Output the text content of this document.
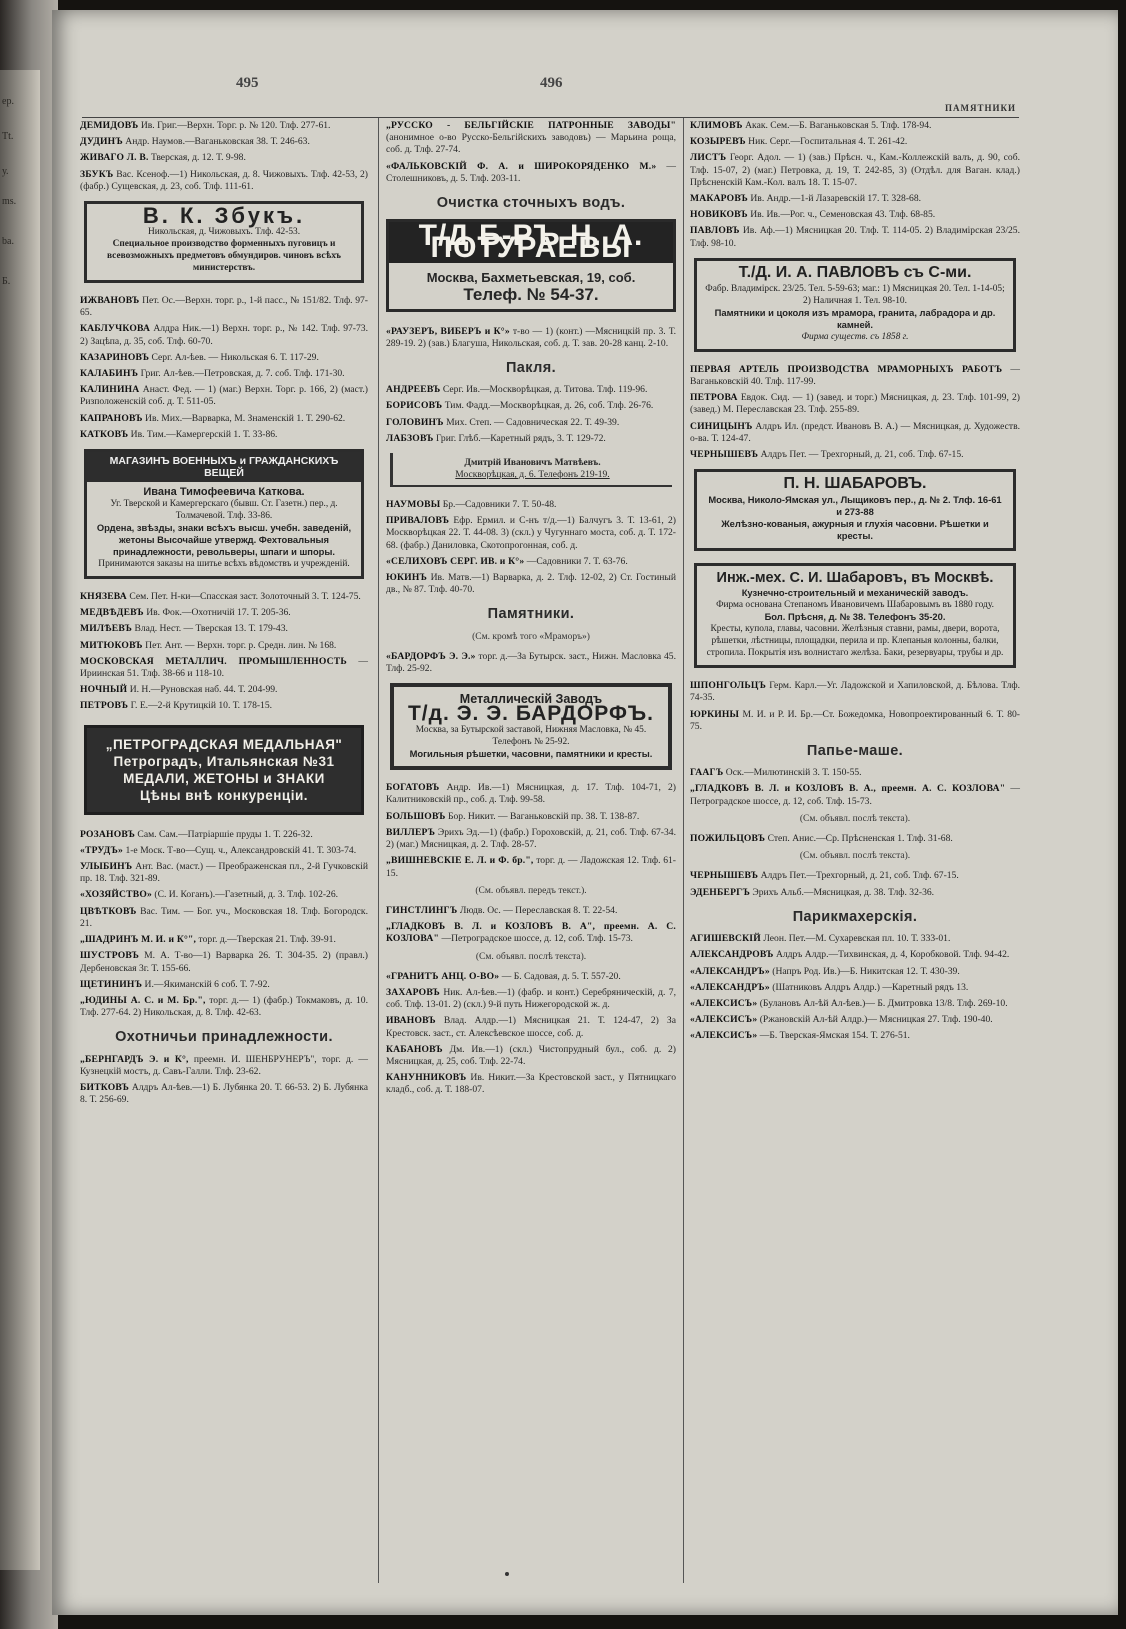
ep.
Tt.
у.
ms.
ba.
Б.
495	496
ПАМЯТНИКИ

ДЕМИДОВЪ Ив. Григ.—Верхн. Торг. р. № 120. Тлф. 277-61.

ДУДИНЪ Андр. Наумов.—Ваганьковская 38. Т. 246-63.

ЖИВАГО Л. В. Тверская, д. 12. Т. 9-98.

ЗБУКЪ Вас. Ксеноф.—1) Никольская, д. 8. Чижовыхъ. Тлф. 42-53, 2) (фабр.) Сущевская, д. 23, соб. Тлф. 111-61.

В. К. Збукъ.
Никольская, д. Чижовыхъ. Тлф. 42-53.
Специальное производство форменныхъ пуговицъ и всевозможныхъ предметовъ обмундиров. чиновъ всѣхъ министерствъ.

ИЖВАНОВЪ Пет. Ос.—Верхн. торг. р., 1-й пасс., № 151/82. Тлф. 97-65.

КАБЛУЧКОВА Алдра Ник.—1) Верхн. торг. р., № 142. Тлф. 97-73. 2) Зацѣпа, д. 35, соб. Тлф. 60-70.

КАЗАРИНОВЪ Серг. Ал-ѣев. — Никольская 6. Т. 117-29.

КАЛАБИНЪ Григ. Ал-ѣев.—Петровская, д. 7. соб. Тлф. 171-30.

КАЛИНИНА Анаст. Фед. — 1) (маг.) Верхн. Торг. р. 166, 2) (маст.) Ризположенскій соб. д. Т. 511-05.

КАПРАНОВЪ Ив. Мих.—Варварка, М. Знаменскій 1. Т. 290-62.

КАТКОВЪ Ив. Тим.—Камергерскій 1. Т. 33-86.

МАГАЗИНЪ ВОЕННЫХЪ и ГРАЖДАНСКИХЪ ВЕЩЕЙ
Ивана Тимофеевича Каткова.
Уг. Тверской и Камергерскаго (бывш. Ст. Газетн.) пер., д. Толмачевой. Тлф. 33-86.
Ордена, звѣзды, знаки всѣхъ высш. учебн. заведеній, жетоны Высочайше утвержд. Фехтовальныя принадлежности, револьверы, шпаги и шпоры.
Принимаются заказы на шитье всѣхъ вѣдомствъ и учрежденій.

КНЯЗЕВА Сем. Пет. Н-ки—Спасская заст. Золоточный 3. Т. 124-75.

МЕДВѢДЕВЪ Ив. Фок.—Охотничій 17. Т. 205-36.

МИЛѢЕВЪ Влад. Нест. — Тверская 13. Т. 179-43.

МИТЮКОВЪ Пет. Ант. — Верхн. торг. р. Средн. лин. № 168.

МОСКОВСКАЯ МЕТАЛЛИЧ. ПРОМЫШЛЕННОСТЬ — Ириинская 51. Тлф. 38-66 и 118-10.

НОЧНЫЙ И. Н.—Руновская наб. 44. Т. 204-99.

ПЕТРОВЪ Г. Е.—2-й Крутицкій 10. Т. 178-15.

„ПЕТРОГРАДСКАЯ МЕДАЛЬНАЯ"
Петроградъ, Итальянская №31
МЕДАЛИ, ЖЕТОНЫ и ЗНАКИ
Цѣны внѣ конкуренціи.

РОЗАНОВЪ Сам. Сам.—Патріаршіе пруды 1. Т. 226-32.

«ТРУДЪ» 1-е Моск. Т-во—Сущ. ч., Александровскій 41. Т. 303-74.

УЛЫБИНЪ Ант. Вас. (маст.) — Преображенская пл., 2-й Гучковскій пр. 18. Тлф. 321-89.

«ХОЗЯЙСТВО» (С. И. Коганъ).—Газетный, д. 3. Тлф. 102-26.

ЦВѢТКОВЪ Вас. Тим. — Бог. уч., Московская 18. Тлф. Богородск. 21.

„ШАДРИНЪ М. И. и К°", торг. д.—Тверская 21. Тлф. 39-91.

ШУСТРОВЪ М. А. Т-во—1) Варварка 26. Т. 304-35. 2) (правл.) Дербеновская 3г. Т. 155-66.

ЩЕТИНИНЪ И.—Якиманскій 6 соб. Т. 7-92.

„ЮДИНЫ А. С. и М. Бр.", торг. д.— 1) (фабр.) Токмаковъ, д. 10. Тлф. 277-64. 2) Никольская, д. 8. Тлф. 42-63.

Охотничьи принадлежности.

„БЕРНГАРДЪ Э. и К°, преемн. И. ШЕНБРУНЕРЪ", торг. д. — Кузнецкій мостъ, д. Савъ-Галли. Тлф. 23-62.

БИТКОВЪ Алдръ Ал-ѣев.—1) Б. Лубянка 20. Т. 66-53. 2) Б. Лубянка 8. Т. 256-69.

„РУССКО - БЕЛЬГІЙСКІЕ ПАТРОННЫЕ ЗАВОДЫ" (анонимное о-во Русско-Бельгійскихъ заводовъ) — Марьина роща, соб. д. Тлф. 27-74.

«ФАЛЬКОВСКІЙ Ф. А. и ШИРОКОРЯДЕНКО М.» —Столешниковъ, д. 5. Тлф. 203-11.

Очистка сточныхъ водъ.
Т/Д Б-РЪ Н. А. ПОТУРАЕВЫ
Москва, Бахметьевская, 19, соб.
Телеф. № 54-37.

«РАУЗЕРЪ, ВИБЕРЪ и К°» т-во — 1) (конт.) —Мясницкій пр. 3. Т. 289-19. 2) (зав.) Благуша, Никольская, соб. д. Т. зав. 20-28 канц. 2-10.

Пакля.

АНДРЕЕВЪ Серг. Ив.—Москворѣцкая, д. Титова. Тлф. 119-96.

БОРИСОВЪ Тим. Фадд.—Москворѣцкая, д. 26, соб. Тлф. 26-76.

ГОЛОВИНЪ Мих. Степ. — Садовническая 22. Т. 49-39.

ЛАБЗОВЪ Григ. Глѣб.—Каретный рядъ, 3. Т. 129-72.

Дмитрій Ивановичъ Матвѣевъ.
Москворѣцкая, д. 6. Телефонъ 219-19.

НАУМОВЫ Бр.—Садовники 7. Т. 50-48.

ПРИВАЛОВЪ Ефр. Ермил. и С-нъ т/д.—1) Балчугъ 3. Т. 13-61, 2) Москворѣцкая 22. Т. 44-08. 3) (скл.) у Чугуннаго моста, соб. д. Т. 172-68. (фабр.) Даниловка, Скотопрогонная, соб. д.

«СЕЛИХОВЪ СЕРГ. ИВ. и К°» —Садовники 7. Т. 63-76.

ЮКИНЪ Ив. Матв.—1) Варварка, д. 2. Тлф. 12-02, 2) Ст. Гостиный дв., № 87. Тлф. 40-70.

Памятники.
(См. кромѣ того «Мраморъ»)

«БАРДОРФЪ Э. Э.» торг. д.—За Бутырск. заст., Нижн. Масловка 45. Тлф. 25-92.

Металлическій Заводъ
Т/д. Э. Э. БАРДОРФЪ.
Москва, за Бутырской заставой, Нижняя Масловка, № 45. Телефонъ № 25-92.
Могильныя рѣшетки, часовни, памятники и кресты.

БОГАТОВЪ Андр. Ив.—1) Мясницкая, д. 17. Тлф. 104-71, 2) Калитниковскій пр., соб. д. Тлф. 99-58.

БОЛЬШОВЪ Бор. Никит. — Ваганьковскій пр. 38. Т. 138-87.

ВИЛЛЕРЪ Эрихъ Эд.—1) (фабр.) Гороховскій, д. 21, соб. Тлф. 67-34. 2) (маг.) Мясницкая, д. 2. Тлф. 28-57.

„ВИШНЕВСКІЕ Е. Л. и Ф. бр.", торг. д. — Ладожская 12. Тлф. 61-15.

(См. объявл. передъ текст.).

ГИНСТЛИНГЪ Людв. Ос. — Переславская 8. Т. 22-54.

„ГЛАДКОВЪ В. Л. и КОЗЛОВЪ В. А", преемн. А. С. КОЗЛОВА" —Петроградское шоссе, д. 12, соб. Тлф. 15-73.

(См. объявл. послѣ текста).

«ГРАНИТЪ АНЦ. О-ВО» — Б. Садовая, д. 5. Т. 557-20.

ЗАХАРОВЪ Ник. Ал-ѣев.—1) (фабр. и конт.) Серебряническій, д. 7, соб. Тлф. 13-01. 2) (скл.) 9-й путь Нижегородской ж. д.

ИВАНОВЪ Влад. Алдр.—1) Мясницкая 21. Т. 124-47, 2) За Крестовск. заст., ст. Алексѣевское шоссе, соб. д.

КАБАНОВЪ Дм. Ив.—1) (скл.) Чистопрудный бул., соб. д. 2) Мясницкая, д. 25, соб. Тлф. 22-74.

КАНУННИКОВЪ Ив. Никит.—За Крестовской заст., у Пятницкаго кладб., соб. д. Т. 188-07.

КЛИМОВЪ Акак. Сем.—Б. Ваганьковская 5. Тлф. 178-94.

КОЗЫРЕВЪ Ник. Серг.—Госпитальная 4. Т. 261-42.

ЛИСТЪ Георг. Адол. — 1) (зав.) Прѣсн. ч., Кам.-Коллежскій валъ, д. 90, соб. Тлф. 15-07, 2) (маг.) Петровка, д. 19, Т. 242-85, 3) (Отдѣл. для Ваган. клад.) Прѣсненскій Кам.-Кол. валъ 18. Т. 15-07.

МАКАРОВЪ Ив. Андр.—1-й Лазаревскій 17. Т. 328-68.

НОВИКОВЪ Ив. Ив.—Рог. ч., Семеновская 43. Тлф. 68-85.

ПАВЛОВЪ Ив. Аф.—1) Мясницкая 20. Тлф. Т. 114-05. 2) Владимірская 23/25. Тлф. 98-10.

Т./Д. И. А. ПАВЛОВЪ съ С-ми.
Фабр. Владимірск. 23/25. Тел. 5-59-63; маг.: 1) Мясницкая 20. Тел. 1-14-05; 2) Наличная 1. Тел. 98-10.
Памятники и цоколя изъ мрамора, гранита, лабрадора и др. камней.
Фирма существ. съ 1858 г.

ПЕРВАЯ АРТЕЛЬ ПРОИЗВОДСТВА МРАМОРНЫХЪ РАБОТЪ — Ваганьковскій 40. Тлф. 117-99.

ПЕТРОВА Евдок. Сид. — 1) (завед. и торг.) Мясницкая, д. 23. Тлф. 101-99, 2) (завед.) М. Переславская 23. Тлф. 255-89.

СИНИЦЫНЪ Алдръ Ил. (предст. Ивановъ В. А.) — Мясницкая, д. Художеств. о-ва. Т. 124-47.

ЧЕРНЫШЕВЪ Алдръ Пет. — Трехгорный, д. 21, соб. Тлф. 67-15.

П. Н. ШАБАРОВЪ.
Москва, Николо-Ямская ул., Лыщиковъ пер., д. № 2. Тлф. 16-61 и 273-88
Желѣзно-кованыя, ажурныя и глухія часовни. Рѣшетки и кресты.
Инж.-мех. С. И. Шабаровъ, въ Москвѣ.
Кузнечно-строительный и механическій заводъ.
Фирма основана Степаномъ Ивановичемъ Шабаровымъ въ 1880 году.
Бол. Прѣсня, д. № 38. Телефонъ 35-20.
Кресты, купола, главы, часовни. Желѣзныя ставни, рамы, двери, ворота, рѣшетки, лѣстницы, площадки, перила и пр. Клепаныя колонны, балки, стропила. Покрытія изъ волнистаго желѣза. Баки, резервуары, трубы и др.

ШПОНГОЛЬЦЪ Герм. Карл.—Уг. Ладожской и Хапиловской, д. Бѣлова. Тлф. 74-35.

ЮРКИНЫ М. И. и Р. И. Бр.—Ст. Божедомка, Новопроектированный 6. Т. 80-75.

Папье-маше.

ГААГЪ Оск.—Милютинскій 3. Т. 150-55.

„ГЛАДКОВЪ В. Л. и КОЗЛОВЪ В. А., преемн. А. С. КОЗЛОВА" —Петроградское шоссе, д. 12, соб. Тлф. 15-73.

(См. объявл. послѣ текста).

ПОЖИЛЬЦОВЪ Степ. Анис.—Ср. Прѣсненская 1. Тлф. 31-68.

(См. объявл. послѣ текста).

ЧЕРНЫШЕВЪ Алдръ Пет.—Трехгорный, д. 21, соб. Тлф. 67-15.

ЭДЕНБЕРГЪ Эрихъ Альб.—Мясницкая, д. 38. Тлф. 32-36.

Парикмахерскія.

АГИШЕВСКІЙ Леон. Пет.—М. Сухаревская пл. 10. Т. 333-01.

АЛЕКСАНДРОВЪ Алдръ Алдр.—Тихвинская, д. 4, Коробковой. Тлф. 94-42.

«АЛЕКСАНДРЪ» (Напръ Род. Ив.)—Б. Никитская 12. Т. 430-39.

«АЛЕКСАНДРЪ» (Шатниковъ Алдръ Алдр.) —Каретный рядъ 13.

«АЛЕКСИСЪ» (Булановъ Ал-ѣй Ал-ѣев.)— Б. Дмитровка 13/8. Тлф. 269-10.

«АЛЕКСИСЪ» (Ржановскій Ал-ѣй Алдр.)— Мясницкая 27. Тлф. 190-40.

«АЛЕКСИСЪ» —Б. Тверская-Ямская 154. Т. 276-51.
